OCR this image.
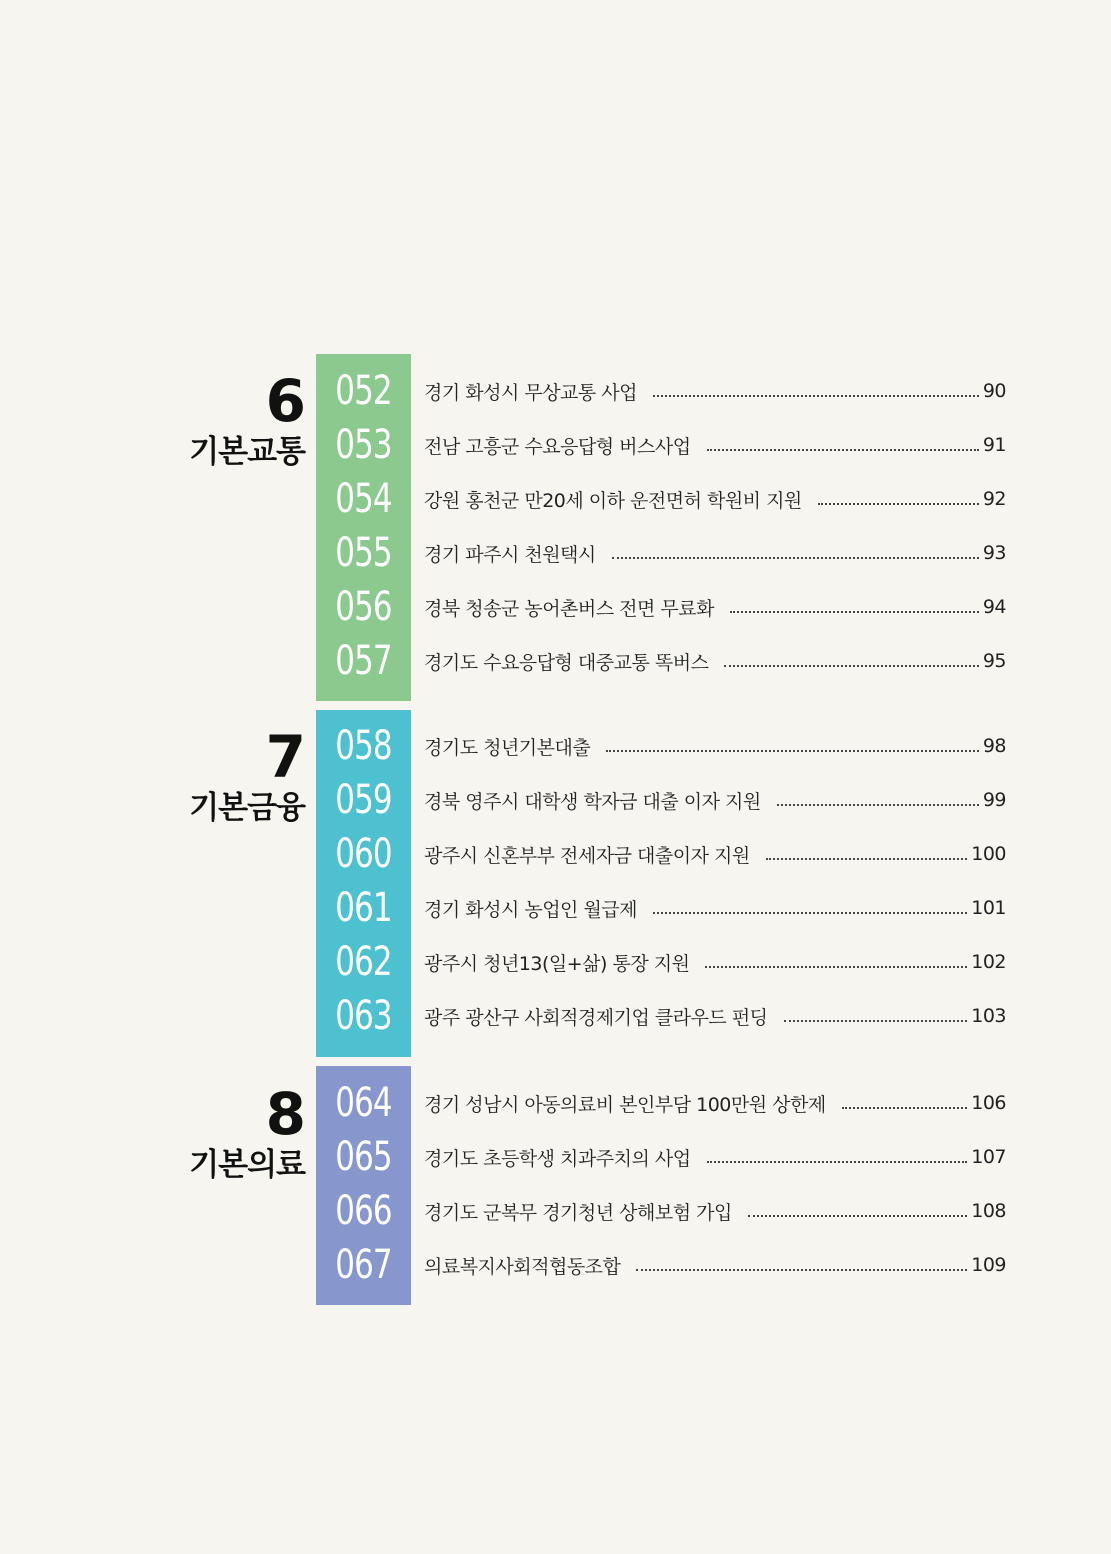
6
기본교통
052	경기 화성시 무상교통 사업	90
053	전남 고흥군 수요응답형 버스사업	91
054	강원 홍천군 만20세 이하 운전면허 학원비 지원	92
055	경기 파주시 천원택시	93
056	경북 청송군 농어촌버스 전면 무료화	94
057	경기도 수요응답형 대중교통 똑버스	95
7
기본금융
058	경기도 청년기본대출	98
059	경북 영주시 대학생 학자금 대출 이자 지원	99
060	광주시 신혼부부 전세자금 대출이자 지원	100
061	경기 화성시 농업인 월급제	101
062	광주시 청년13(일+삶) 통장 지원	102
063	광주 광산구 사회적경제기업 클라우드 펀딩	103
8
기본의료
064	경기 성남시 아동의료비 본인부담 100만원 상한제	106
065	경기도 초등학생 치과주치의 사업	107
066	경기도 군복무 경기청년 상해보험 가입	108
067	의료복지사회적협동조합	109
